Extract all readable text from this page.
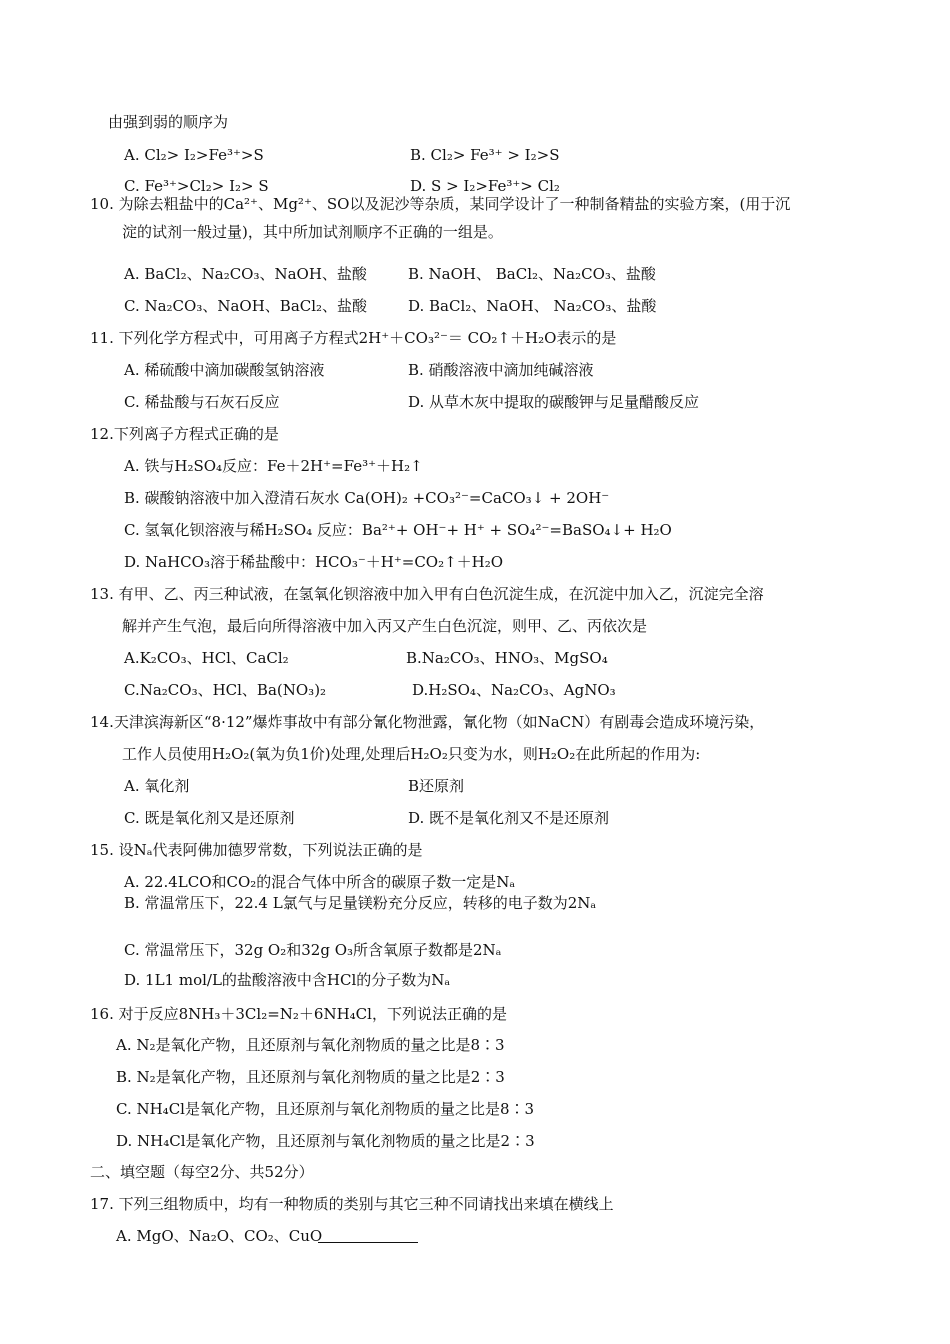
由强到弱的顺序为
A. Cl₂> I₂>Fe³⁺>S	B. Cl₂> Fe³⁺ > I₂>S
C. Fe³⁺>Cl₂> I₂> S	D. S > I₂>Fe³⁺> Cl₂
10. 为除去粗盐中的Ca²⁺、Mg²⁺、SO以及泥沙等杂质，某同学设计了一种制备精盐的实验方案，(用于沉
淀的试剂一般过量)，其中所加试剂顺序不正确的一组是。
A. BaCl₂、Na₂CO₃、NaOH、盐酸	B. NaOH、 BaCl₂、Na₂CO₃、盐酸
C. Na₂CO₃、NaOH、BaCl₂、盐酸	D. BaCl₂、NaOH、 Na₂CO₃、盐酸
11. 下列化学方程式中，可用离子方程式2H⁺＋CO₃²⁻＝ CO₂↑＋H₂O表示的是
A. 稀硫酸中滴加碳酸氢钠溶液	B. 硝酸溶液中滴加纯碱溶液
C. 稀盐酸与石灰石反应	D. 从草木灰中提取的碳酸钾与足量醋酸反应
12.下列离子方程式正确的是
A. 铁与H₂SO₄反应：Fe＋2H⁺=Fe³⁺＋H₂↑
B. 碳酸钠溶液中加入澄清石灰水 Ca(OH)₂ +CO₃²⁻=CaCO₃↓ + 2OH⁻
C. 氢氧化钡溶液与稀H₂SO₄ 反应：Ba²⁺+ OH⁻+ H⁺ + SO₄²⁻=BaSO₄↓+ H₂O
D. NaHCO₃溶于稀盐酸中：HCO₃⁻＋H⁺=CO₂↑＋H₂O
13. 有甲、乙、丙三种试液，在氢氧化钡溶液中加入甲有白色沉淀生成，在沉淀中加入乙，沉淀完全溶
解并产生气泡，最后向所得溶液中加入丙又产生白色沉淀，则甲、乙、丙依次是
A.K₂CO₃、HCl、CaCl₂	B.Na₂CO₃、HNO₃、MgSO₄
C.Na₂CO₃、HCl、Ba(NO₃)₂	D.H₂SO₄、Na₂CO₃、AgNO₃
14.天津滨海新区“8·12”爆炸事故中有部分氰化物泄露，氰化物（如NaCN）有剧毒会造成环境污染，
工作人员使用H₂O₂(氧为负1价)处理,处理后H₂O₂只变为水，则H₂O₂在此所起的作用为:
A. 氧化剂	B还原剂
C. 既是氧化剂又是还原剂	D. 既不是氧化剂又不是还原剂
15. 设Nₐ代表阿佛加德罗常数，下列说法正确的是
A. 22.4LCO和CO₂的混合气体中所含的碳原子数一定是Nₐ
B. 常温常压下，22.4 L氯气与足量镁粉充分反应，转移的电子数为2Nₐ
C. 常温常压下，32g O₂和32g O₃所含氧原子数都是2Nₐ
D. 1L1 mol/L的盐酸溶液中含HCl的分子数为Nₐ
16. 对于反应8NH₃＋3Cl₂=N₂＋6NH₄Cl，下列说法正确的是
A. N₂是氧化产物，且还原剂与氧化剂物质的量之比是8∶3
B. N₂是氧化产物，且还原剂与氧化剂物质的量之比是2∶3
C. NH₄Cl是氧化产物，且还原剂与氧化剂物质的量之比是8∶3
D. NH₄Cl是氧化产物，且还原剂与氧化剂物质的量之比是2∶3
二、填空题（每空2分、共52分）
17. 下列三组物质中，均有一种物质的类别与其它三种不同请找出来填在横线上
A. MgO、Na₂O、CO₂、CuO
